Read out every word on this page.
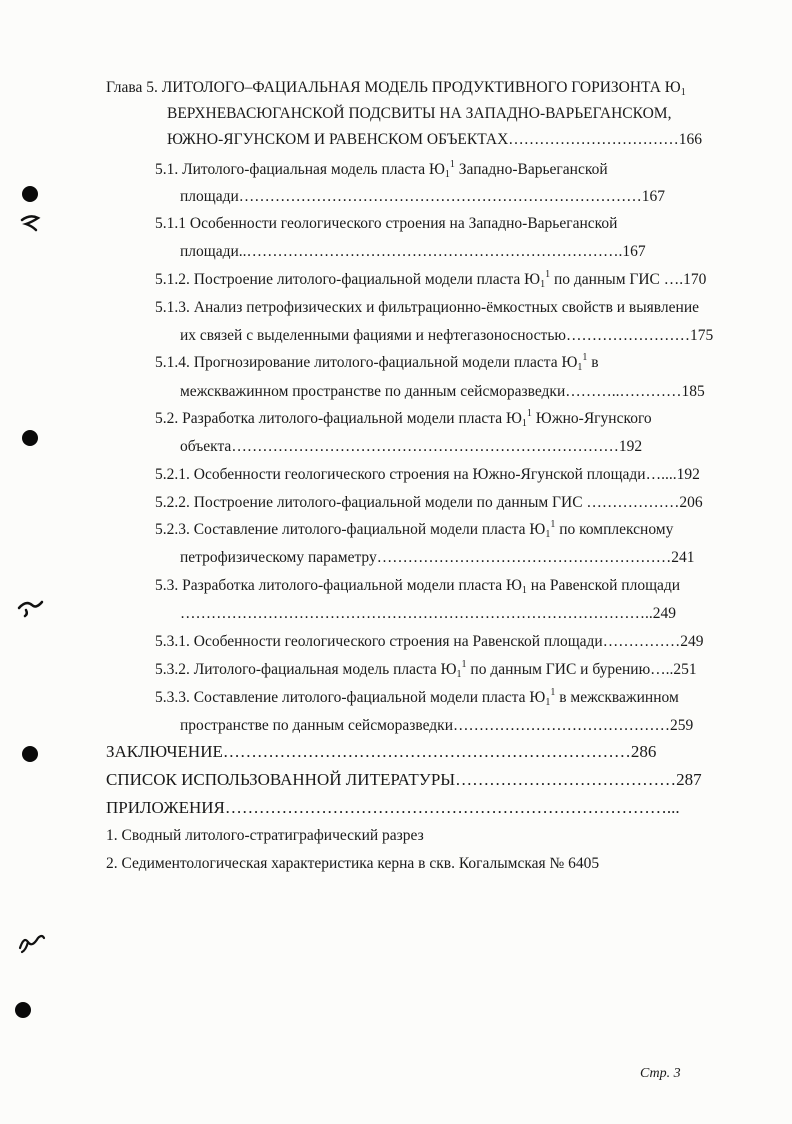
Глава 5. ЛИТОЛОГО–ФАЦИАЛЬНАЯ МОДЕЛЬ ПРОДУКТИВНОГО ГОРИЗОНТА $Ю_1$
ВЕРХНЕВАСЮГАНСКОЙ ПОДСВИТЫ НА ЗАПАДНО-ВАРЬЕГАНСКОМ,
ЮЖНО-ЯГУНСКОМ И РАВЕНСКОМ ОБЪЕКТАХ……………………………166
5.1. Литолого-фациальная модель пласта $Ю_1^1$ Западно-Варьеганской
площади……………………………………………………………………167
5.1.1 Особенности геологического строения на Западно-Варьеганской
площади..……………………………………………………………….167
5.1.2. Построение литолого-фациальной модели пласта $Ю_1^1$ по данным ГИС ….170
5.1.3. Анализ петрофизических и фильтрационно-ёмкостных свойств и выявление
их связей с выделенными фациями и нефтегазоносностью……………………175
5.1.4. Прогнозирование литолого-фациальной модели пласта $Ю_1^1$ в
межскважинном пространстве по данным сейсморазведки………..…………185
5.2. Разработка литолого-фациальной модели пласта $Ю_1^1$ Южно-Ягунского
объекта…………………………………………………………………192
5.2.1. Особенности геологического строения на Южно-Ягунской площади…....192
5.2.2. Построение литолого-фациальной модели по данным ГИС ………………206
5.2.3. Составление литолого-фациальной модели пласта $Ю_1^1$ по комплексному
петрофизическому параметру…………………………………………………241
5.3. Разработка литолого-фациальной модели пласта $Ю_1$ на Равенской площади
………………………………………………………………………………..249
5.3.1. Особенности геологического строения на Равенской площади……………249
5.3.2. Литолого-фациальная модель пласта $Ю_1^1$ по данным ГИС и бурению…..251
5.3.3. Составление литолого-фациальной модели пласта $Ю_1^1$ в межскважинном
пространстве по данным сейсморазведки……………………………………259
ЗАКЛЮЧЕНИЕ………………………………………………………………286
СПИСОК ИСПОЛЬЗОВАННОЙ ЛИТЕРАТУРЫ…………………………………287
ПРИЛОЖЕНИЯ……………………………………………………………………...
1. Сводный литолого-стратиграфический разрез
2. Седиментологическая характеристика керна в скв. Когалымская № 6405
Стр. 3
